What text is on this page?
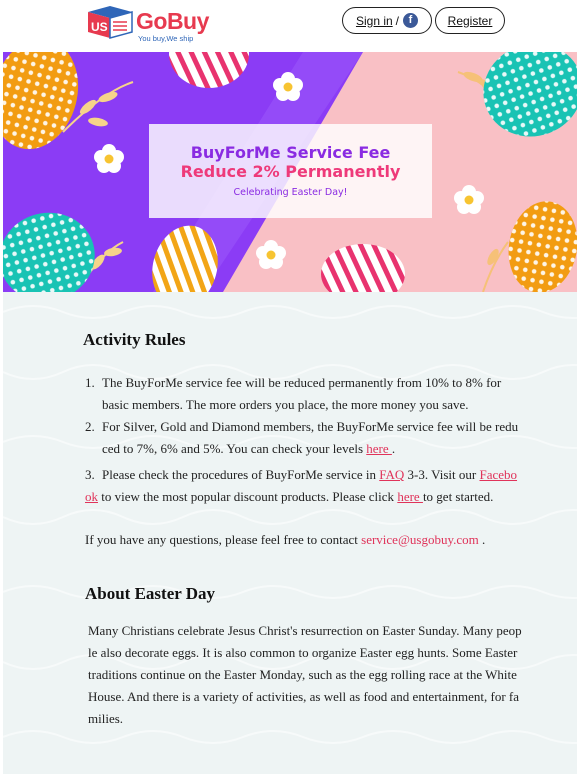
US GoBuy
You buy,We ship
Sign in / f	Register
BuyForMe Service Fee
Reduce 2% Permanently
Celebrating Easter Day!
Activity Rules
1. The BuyForMe service fee will be reduced permanently from 10% to 8% for
basic members. The more orders you place, the more money you save.
2. For Silver, Gold and Diamond members, the BuyForMe service fee will be redu
ced to 7%, 6% and 5%. You can check your levels here .
3. Please check the procedures of BuyForMe service in FAQ 3-3. Visit our Facebo
ok to view the most popular discount products. Please click here to get started.
If you have any questions, please feel free to contact service@usgobuy.com .
About Easter Day
Many Christians celebrate Jesus Christ's resurrection on Easter Sunday. Many peop
le also decorate eggs. It is also common to organize Easter egg hunts. Some Easter
traditions continue on the Easter Monday, such as the egg rolling race at the White
House. And there is a variety of activities, as well as food and entertainment, for fa
milies.
